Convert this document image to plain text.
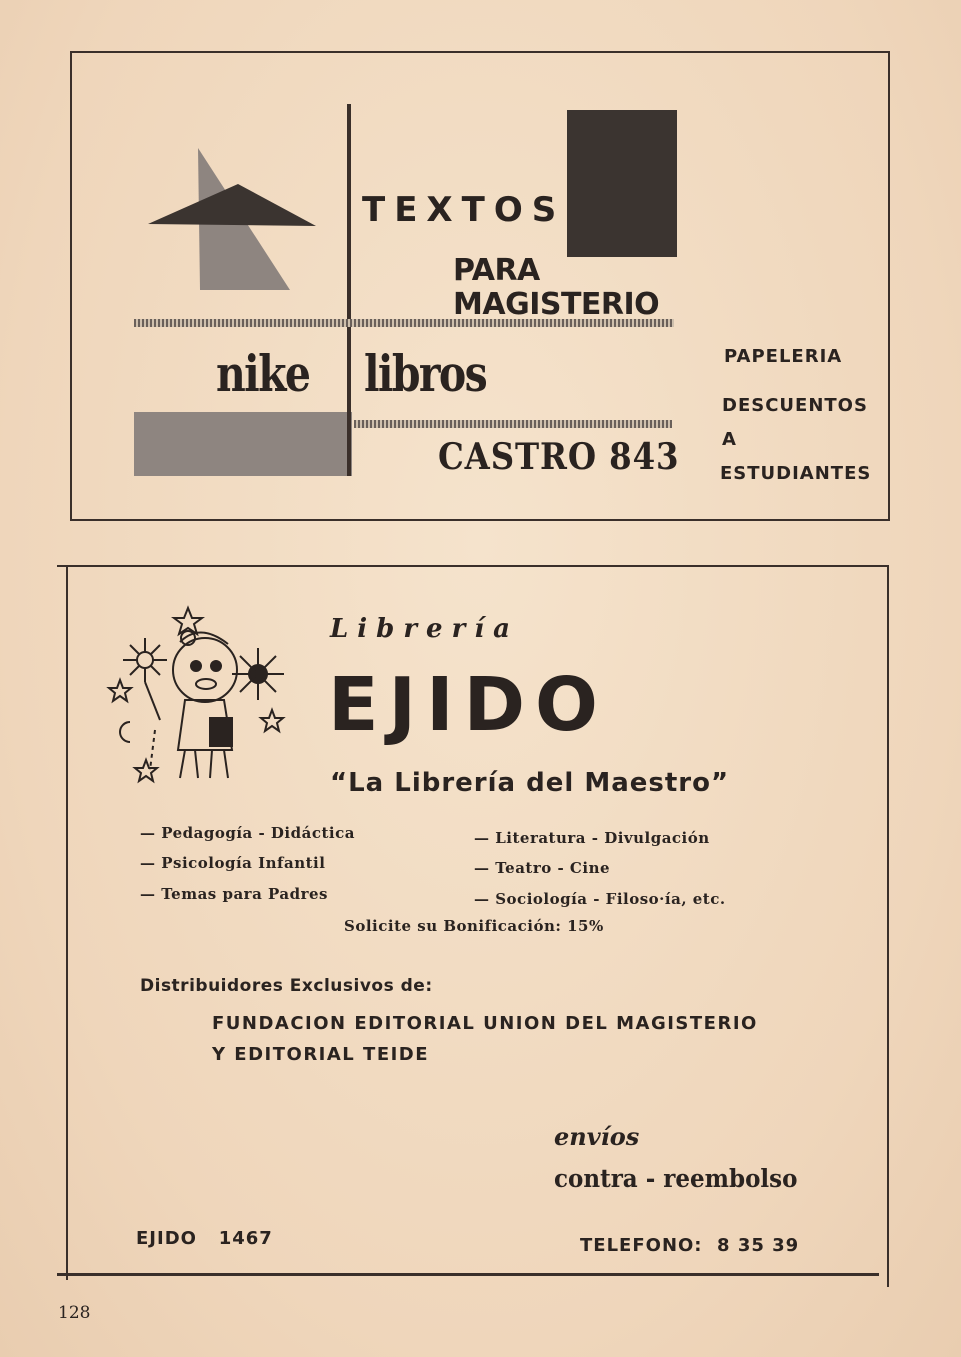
TEXTOS
PARA
MAGISTERIO
nike libros
CASTRO 843
PAPELERIA
DESCUENTOS
A
ESTUDIANTES
Librería
EJIDO
“La Librería del Maestro”
— Pedagogía - Didáctica
— Psicología Infantil
— Temas para Padres
— Literatura - Divulgación
— Teatro - Cine
— Sociología - Filoso·ía, etc.
Solicite su Bonificación: 15%
Distribuidores Exclusivos de:
FUNDACION EDITORIAL UNION DEL MAGISTERIO
Y EDITORIAL TEIDE
envíos
contra - reembolso
EJIDO   1467	TELEFONO:  8 35 39
128
